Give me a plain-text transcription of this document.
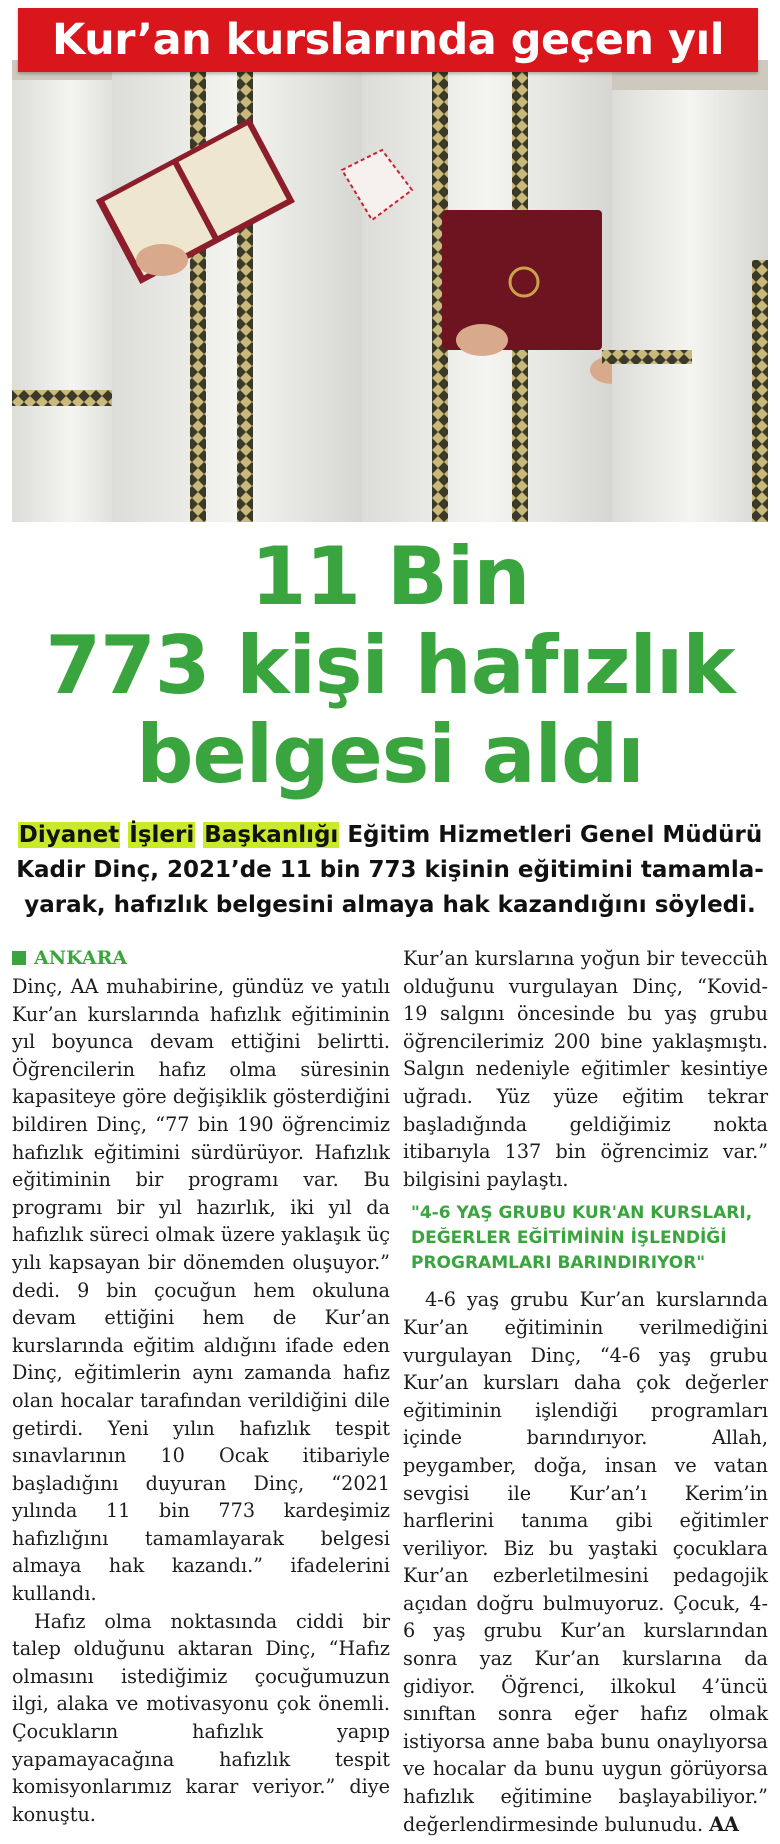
Kur’an kurslarında geçen yıl
11 Bin
773 kişi hafızlık
belgesi aldı
Diyanet İşleri Başkanlığı Eğitim Hizmetleri Genel Müdürü Kadir Dinç, 2021’de 11 bin 773 kişinin eğitimini tamamla-yarak, hafızlık belgesini almaya hak kazandığını söyledi.
ANKARA

Dinç, AA muhabirine, gündüz ve yatılı Kur’an kurslarında hafızlık eğitiminin yıl boyunca devam ettiğini belirtti. Öğrencilerin hafız olma süresinin kapasiteye göre değişiklik gösterdiğini bildiren Dinç, “77 bin 190 öğrencimiz hafızlık eğitimini sürdürüyor. Hafızlık eğitiminin bir programı var. Bu programı bir yıl hazırlık, iki yıl da hafızlık süreci olmak üzere yaklaşık üç yılı kapsayan bir dönemden oluşuyor.” dedi. 9 bin çocuğun hem okuluna devam ettiğini hem de Kur’an kurslarında eğitim aldığını ifade eden Dinç, eğitimlerin aynı zamanda hafız olan hocalar tarafından verildiğini dile getirdi. Yeni yılın hafızlık tespit sınavlarının 10 Ocak itibariyle başladığını duyuran Dinç, “2021 yılında 11 bin 773 kardeşimiz hafızlığını tamamlayarak belgesi almaya hak kazandı.” ifadelerini kullandı.

Hafız olma noktasında ciddi bir talep olduğunu aktaran Dinç, “Hafız olmasını istediğimiz çocuğumuzun ilgi, alaka ve motivasyonu çok önemli. Çocukların hafızlık yapıp yapamayacağına hafızlık tespit komisyonlarımız karar veriyor.” diye konuştu.

Kur’an kurslarına yoğun bir teveccüh olduğunu vurgulayan Dinç, “Kovid-19 salgını öncesinde bu yaş grubu öğrencilerimiz 200 bine yaklaşmıştı. Salgın nedeniyle eğitimler kesintiye uğradı. Yüz yüze eğitim tekrar başladığında geldiğimiz nokta itibarıyla 137 bin öğrencimiz var.” bilgisini paylaştı.

"4-6 YAŞ GRUBU KUR'AN KURSLARI, DEĞERLER EĞİTİMİNİN İŞLENDİĞİ PROGRAMLARI BARINDIRIYOR"

4-6 yaş grubu Kur’an kurslarında Kur’an eğitiminin verilmediğini vurgulayan Dinç, “4-6 yaş grubu Kur’an kursları daha çok değerler eğitiminin işlendiği programları içinde barındırıyor. Allah, peygamber, doğa, insan ve vatan sevgisi ile Kur’an’ı Kerim’in harflerini tanıma gibi eğitimler veriliyor. Biz bu yaştaki çocuklara Kur’an ezberletilmesini pedagojik açıdan doğru bulmuyoruz. Çocuk, 4-6 yaş grubu Kur’an kurslarından sonra yaz Kur’an kurslarına da gidiyor. Öğrenci, ilkokul 4’üncü sınıftan sonra eğer hafız olmak istiyorsa anne baba bunu onaylıyorsa ve hocalar da bunu uygun görüyorsa hafızlık eğitimine başlayabiliyor.” değerlendirmesinde bulunudu. AA
